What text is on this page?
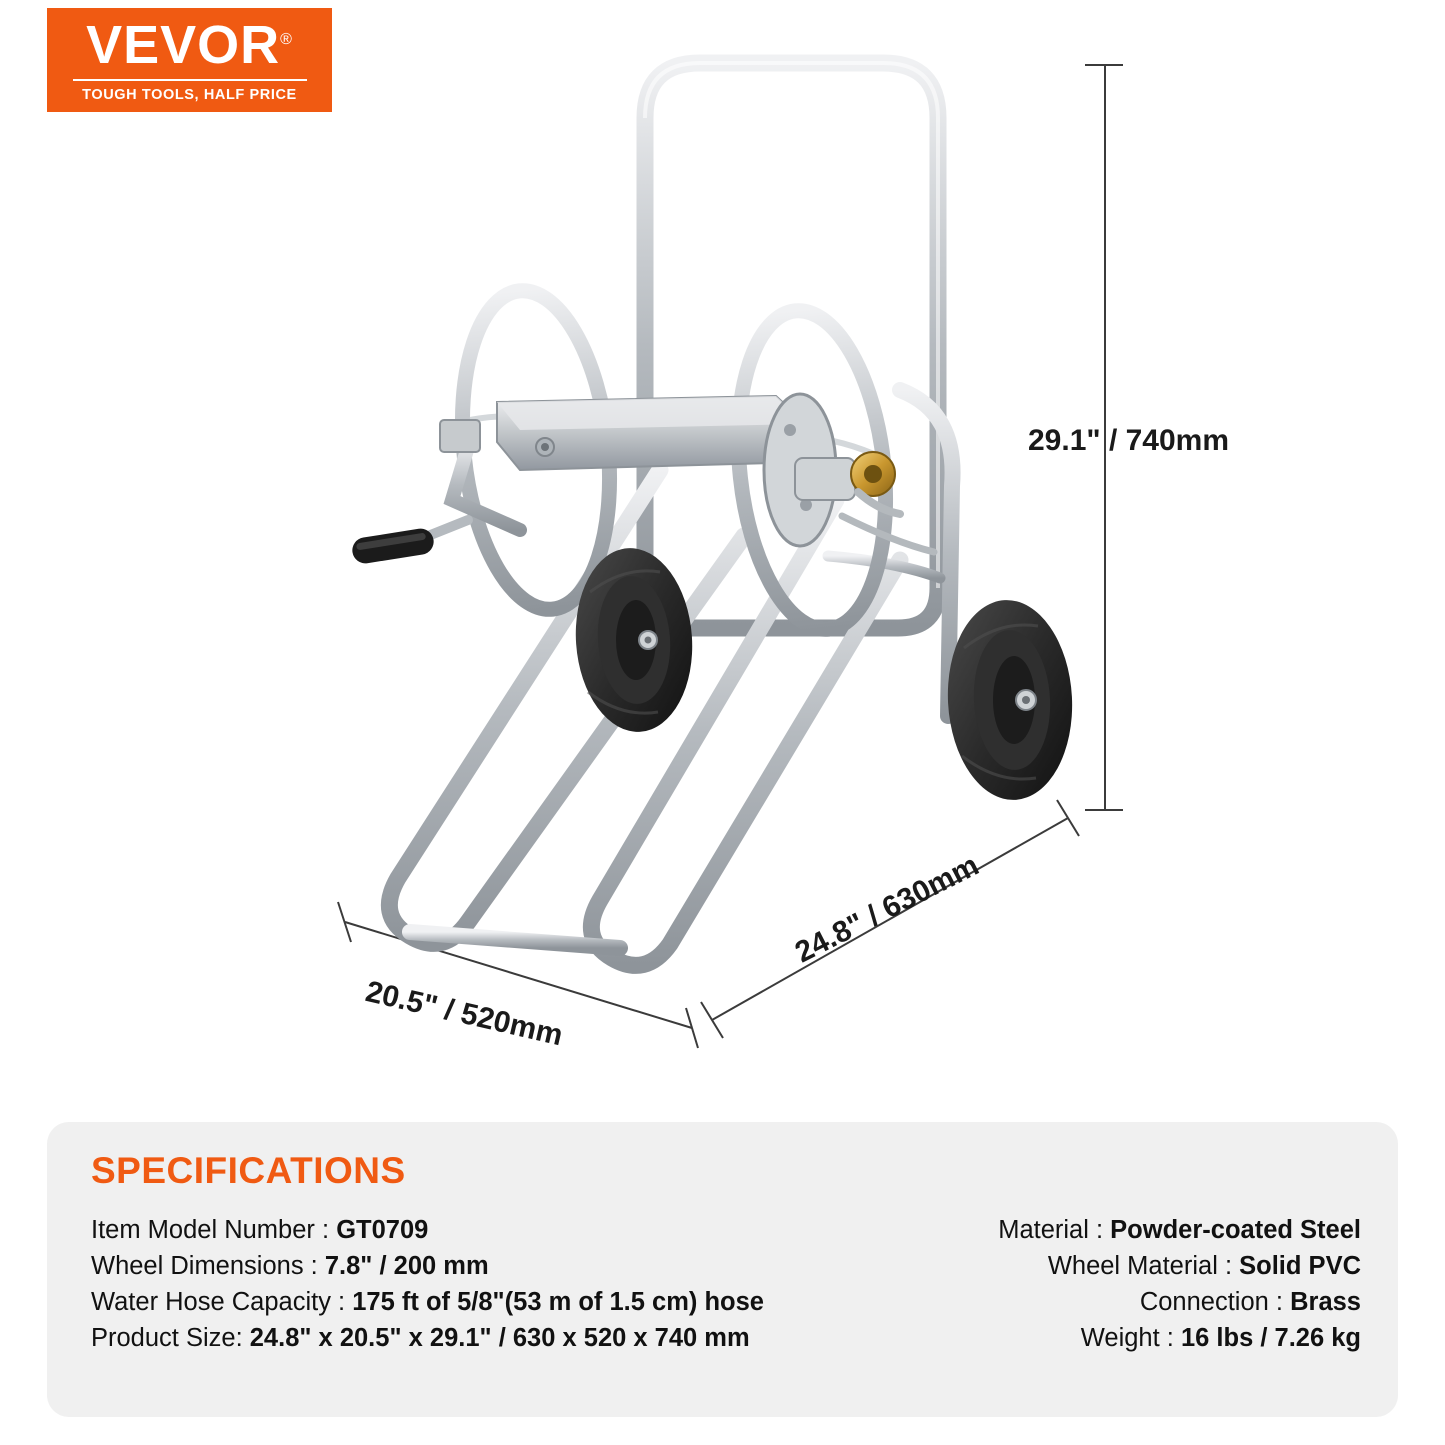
VEVOR®
TOUGH TOOLS, HALF PRICE
29.1" / 740mm
24.8" / 630mm
20.5" / 520mm
SPECIFICATIONS
Item Model Number : GT0709	Material : Powder-coated Steel
Wheel Dimensions : 7.8" / 200 mm	Wheel Material : Solid PVC
Water Hose Capacity : 175 ft of 5/8"(53 m of 1.5 cm) hose	Connection : Brass
Product Size: 24.8" x 20.5" x 29.1" / 630 x 520 x 740 mm	Weight : 16 lbs / 7.26 kg
